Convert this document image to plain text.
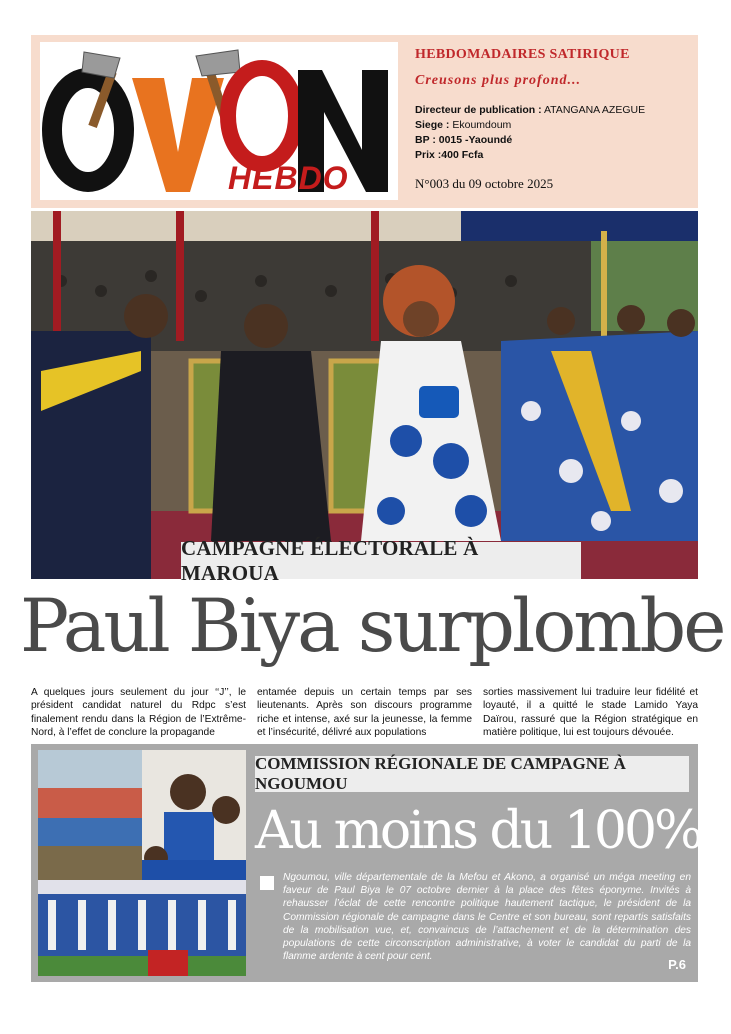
HEBDO
HEBDOMADAIRES SATIRIQUE
Creusons plus profond...
Directeur de publication : ATANGANA AZEGUE
Siege : Ekoumdoum
BP : 0015 -Yaoundé
Prix :400 Fcfa
N°003 du 09 octobre 2025
CAMPAGNE ÉLECTORALE À MAROUA
Paul Biya surplombe
A quelques jours seulement du jour ‘‘J’’, le président candidat naturel du Rdpc s’est finalement rendu dans la Région de l’Extrême-Nord, à l’effet de conclure la propagande
entamée depuis un certain temps par ses lieutenants. Après son discours programme riche et intense, axé sur la jeunesse, la femme et l’insécurité, délivré aux populations
sorties massivement lui traduire leur fidélité et loyauté, il a quitté le stade Lamido Yaya Daïrou, rassuré que la Région stratégique en matière politique, lui est toujours dévouée.
COMMISSION RÉGIONALE DE CAMPAGNE À NGOUMOU
Au moins du 100%
Ngoumou, ville départementale de la Mefou et Akono, a organisé un méga meeting en faveur de Paul Biya le 07 octobre dernier à la place des fêtes éponyme. Invités à rehausser l’éclat de cette rencontre politique hautement tactique, le président de la Commission régionale de campagne dans le Centre et son bureau, sont repartis satisfaits de la mobilisation vue, et, convaincus de l’attachement et de la détermination des populations de cette circonscription administrative, à voter le candidat du parti de la flamme ardente à cent pour cent.
P.6
